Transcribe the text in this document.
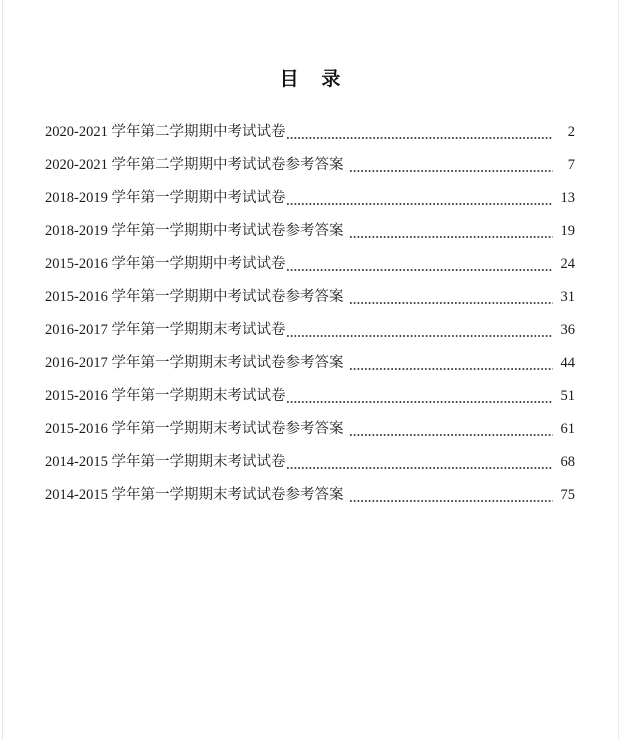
目 录
2020-2021 学年第二学期期中考试试卷	2
2020-2021 学年第二学期期中考试试卷参考答案	7
2018-2019 学年第一学期期中考试试卷	13
2018-2019 学年第一学期期中考试试卷参考答案	19
2015-2016 学年第一学期期中考试试卷	24
2015-2016 学年第一学期期中考试试卷参考答案	31
2016-2017 学年第一学期期末考试试卷	36
2016-2017 学年第一学期期末考试试卷参考答案	44
2015-2016 学年第一学期期末考试试卷	51
2015-2016 学年第一学期期末考试试卷参考答案	61
2014-2015 学年第一学期期末考试试卷	68
2014-2015 学年第一学期期末考试试卷参考答案	75
